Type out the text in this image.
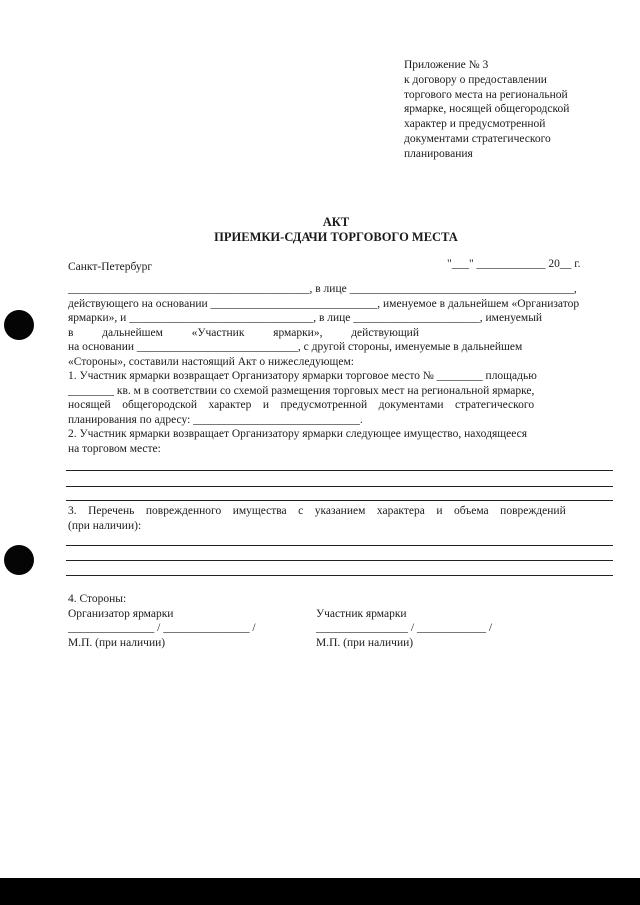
Приложение № 3
к договору о предоставлении
торгового места на региональной
ярмарке, носящей общегородской
характер и предусмотренной
документами стратегического
планирования
АКТ
ПРИЕМКИ-СДАЧИ ТОРГОВОГО МЕСТА
Санкт-Петербург	"___" ____________ 20__ г.
__________________________________________, в лице _______________________________________,
действующего на основании _____________________________, именуемое в дальнейшем «Организатор
ярмарки», и ________________________________, в лице ______________________, именуемый
в          дальнейшем          «Участник          ярмарки»,          действующий
на основании ____________________________, с другой стороны, именуемые в дальнейшем
«Стороны», составили настоящий Акт о нижеследующем:
1. Участник ярмарки возвращает Организатору ярмарки торговое место № ________ площадью
________ кв. м в соответствии со схемой размещения торговых мест на региональной ярмарке,
носящей    общегородской    характер    и    предусмотренной    документами    стратегического
планирования по адресу: _____________________________.
2. Участник ярмарки возвращает Организатору ярмарки следующее имущество, находящееся
на торговом месте:
3.    Перечень    поврежденного    имущества    с    указанием    характера    и    объема    повреждений
(при наличии):
4. Стороны:
Организатор ярмарки	Участник ярмарки
_______________ / _______________ /	________________ / ____________ /
М.П. (при наличии)	М.П. (при наличии)
